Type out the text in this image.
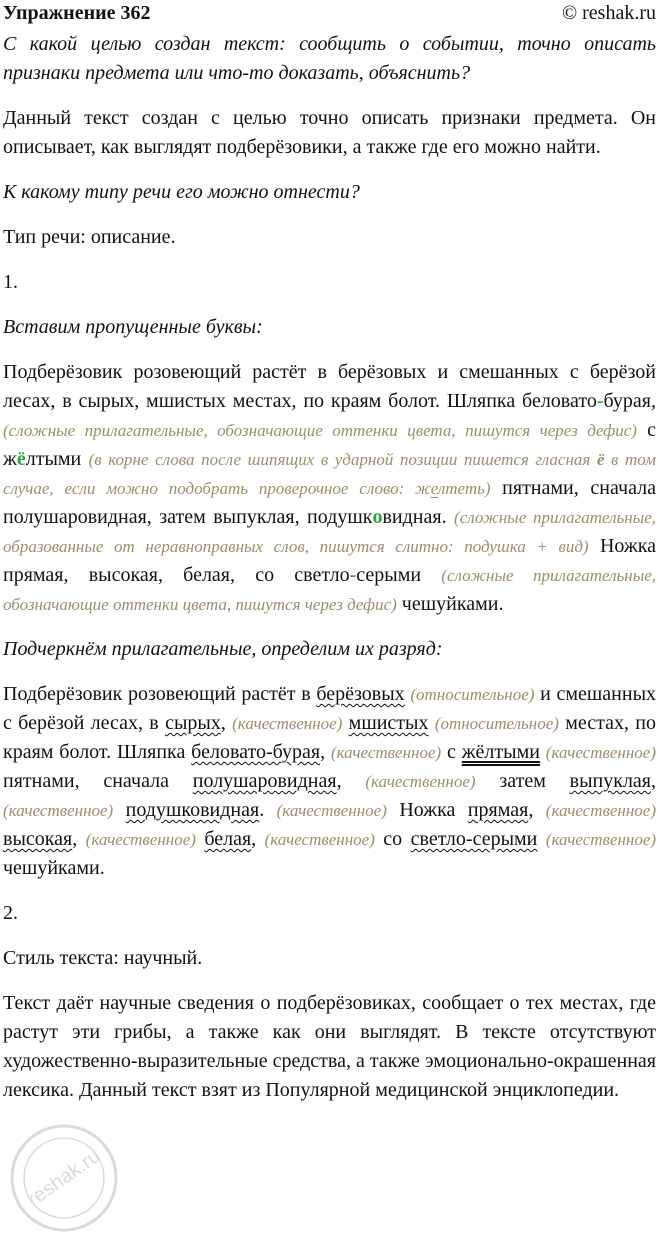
Упражнение 362	© reshak.ru

С какой целью создан текст: сообщить о событии, точно описать признаки предмета или что-то доказать, объяснить?

Данный текст создан с целью точно описать признаки предмета. Он описывает, как выглядят подберёзовики, а также где его можно найти.

К какому типу речи его можно отнести?

Тип речи: описание.

1.

Вставим пропущенные буквы:

Подберёзовик розовеющий растёт в берёзовых и смешанных с берёзой лесах, в сырых, мшистых местах, по краям болот. Шляпка беловато-бурая, (сложные прилагательные, обозначающие оттенки цвета, пишутся через дефис) с жёлтыми (в корне слова после шипящих в ударной позиции пишется гласная ё в том случае, если можно подобрать проверочное слово: желтеть) пятнами, сначала полушаровидная, затем выпуклая, подушковидная. (сложные прилагательные, образованные от неравноправных слов, пишутся слитно: подушка + вид) Ножка прямая, высокая, белая, со светло-серыми (сложные прилагательные, обозначающие оттенки цвета, пишутся через дефис) чешуйками.

Подчеркнём прилагательные, определим их разряд:

Подберёзовик розовеющий растёт в берёзовых (относительное) и смешанных с берёзой лесах, в сырых, (качественное) мшистых (относительное) местах, по краям болот. Шляпка беловато-бурая, (качественное) с жёлтыми (качественное) пятнами, сначала полушаровидная, (качественное) затем выпуклая, (качественное) подушковидная. (качественное) Ножка прямая, (качественное) высокая, (качественное) белая, (качественное) со светло-серыми (качественное) чешуйками.

2.

Стиль текста: научный.

Текст даёт научные сведения о подберёзовиках, сообщает о тех местах, где растут эти грибы, а также как они выглядят. В тексте отсутствуют художественно-выразительные средства, а также эмоционально-окрашенная лексика. Данный текст взят из Популярной медицинской энциклопедии.

reshak.ru
